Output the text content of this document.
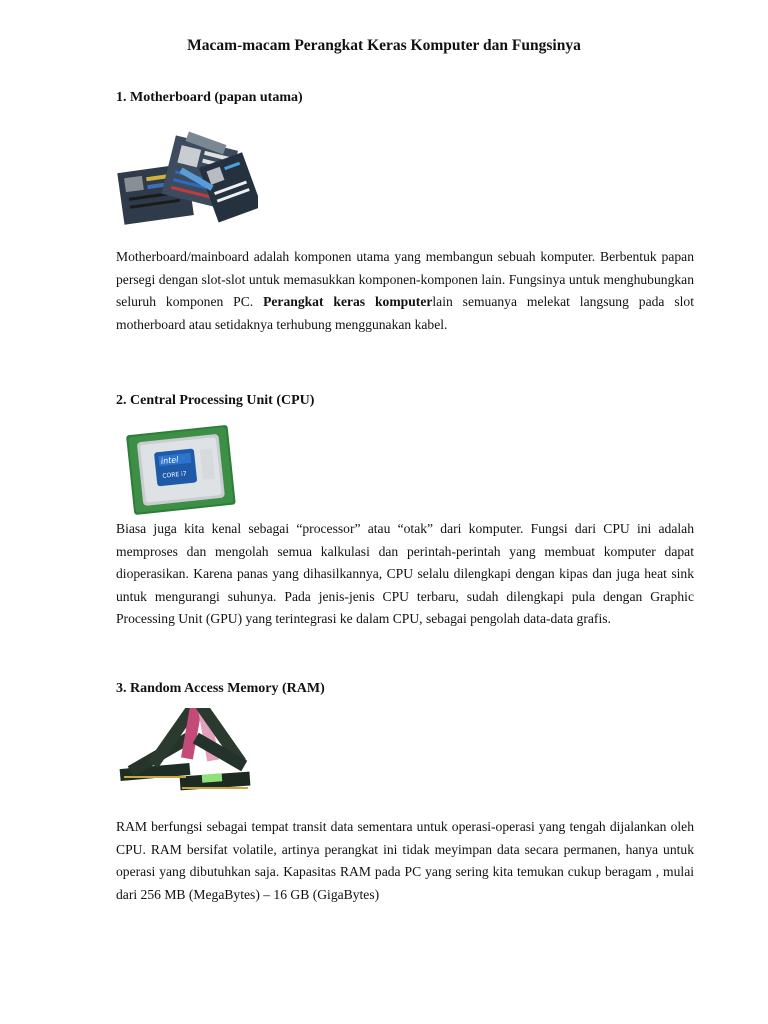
Macam-macam Perangkat Keras Komputer dan Fungsinya
1. Motherboard (papan utama)

Motherboard/mainboard adalah komponen utama yang membangun sebuah komputer. Berbentuk papan persegi dengan slot-slot untuk memasukkan komponen-komponen lain. Fungsinya untuk menghubungkan seluruh komponen PC. Perangkat keras komputerlain semuanya melekat langsung pada slot motherboard atau setidaknya terhubung menggunakan kabel.

2. Central Processing Unit (CPU)
intel
CORE i7

Biasa juga kita kenal sebagai “processor” atau “otak” dari komputer. Fungsi dari CPU ini adalah memproses dan mengolah semua kalkulasi dan perintah-perintah yang membuat komputer dapat dioperasikan. Karena panas yang dihasilkannya, CPU selalu dilengkapi dengan kipas dan juga heat sink untuk mengurangi suhunya. Pada jenis-jenis CPU terbaru, sudah dilengkapi pula dengan Graphic Processing Unit (GPU) yang terintegrasi ke dalam CPU, sebagai pengolah data-data grafis.

3. Random Access Memory (RAM)

RAM berfungsi sebagai tempat transit data sementara untuk operasi-operasi yang tengah dijalankan oleh CPU. RAM bersifat volatile, artinya perangkat ini tidak meyimpan data secara permanen, hanya untuk operasi yang dibutuhkan saja. Kapasitas RAM pada PC yang sering kita temukan cukup beragam , mulai dari 256 MB (MegaBytes) – 16 GB (GigaBytes)
